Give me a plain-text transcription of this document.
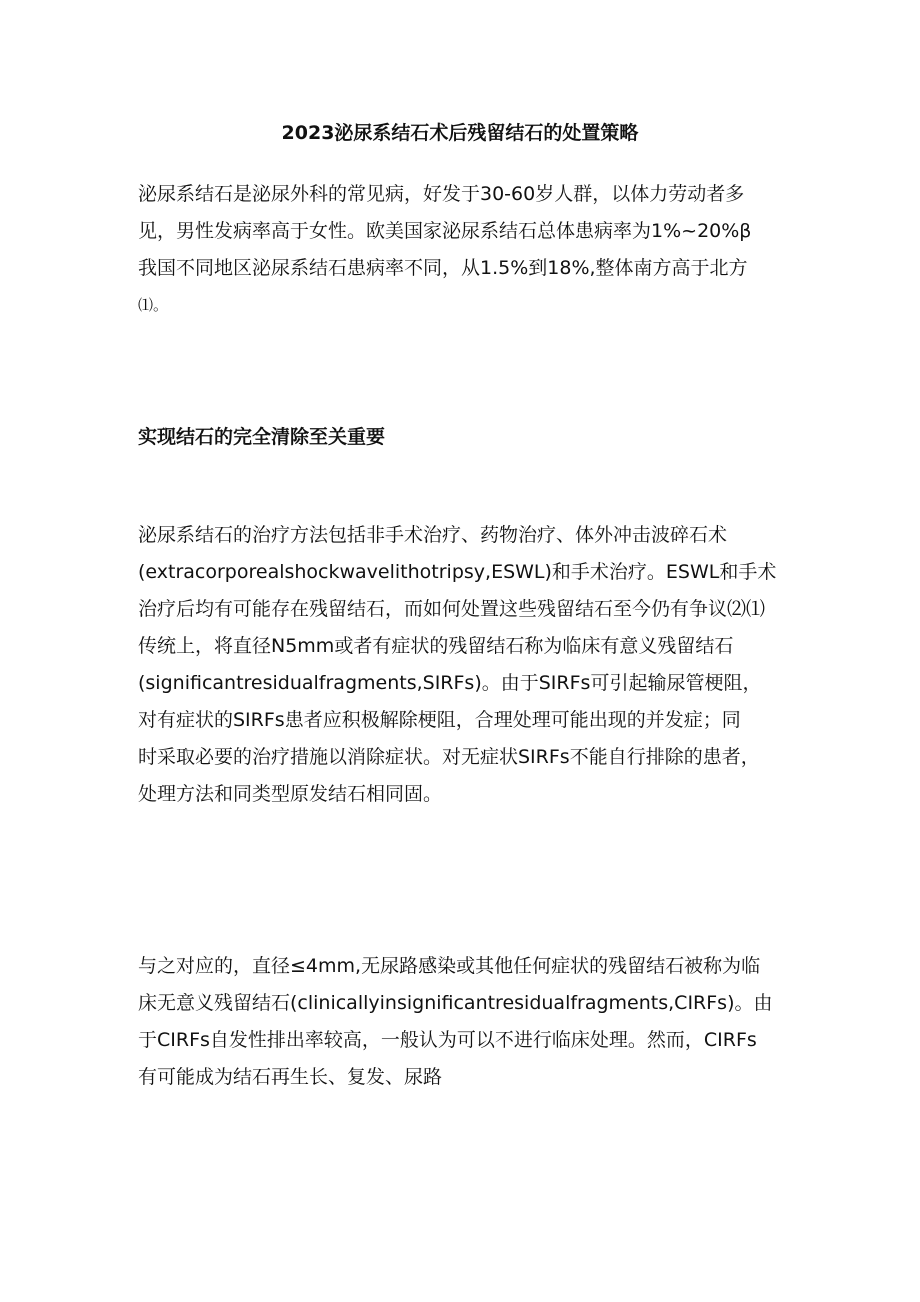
2023泌尿系结石术后残留结石的处置策略
泌尿系结石是泌尿外科的常见病，好发于30-60岁人群，以体力劳动者多
见，男性发病率高于女性。欧美国家泌尿系结石总体患病率为1%~20%β
我国不同地区泌尿系结石患病率不同，从1.5%到18%,整体南方高于北方
⑴。
实现结石的完全清除至关重要
泌尿系结石的治疗方法包括非手术治疗、药物治疗、体外冲击波碎石术
(extracorporealshockwavelithotripsy,ESWL)和手术治疗。ESWL和手术
治疗后均有可能存在残留结石，而如何处置这些残留结石至今仍有争议⑵⑴
传统上，将直径N5mm或者有症状的残留结石称为临床有意义残留结石
(significantresidualfragments,SIRFs)。由于SIRFs可引起输尿管梗阻，
对有症状的SIRFs患者应积极解除梗阻，合理处理可能出现的并发症；同
时采取必要的治疗措施以消除症状。对无症状SIRFs不能自行排除的患者，
处理方法和同类型原发结石相同固。
与之对应的，直径≤4mm,无尿路感染或其他任何症状的残留结石被称为临
床无意义残留结石(clinicallyinsignificantresidualfragments,CIRFs)。由
于CIRFs自发性排出率较高，一般认为可以不进行临床处理。然而，CIRFs
有可能成为结石再生长、复发、尿路
